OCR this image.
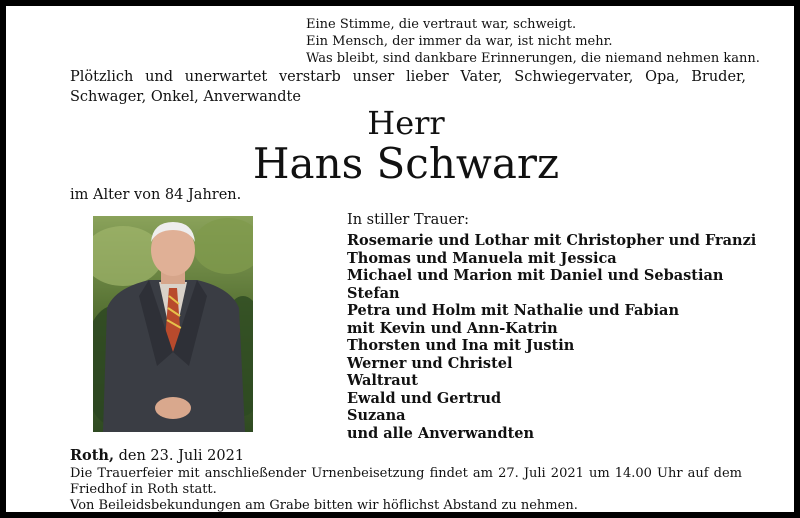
Eine Stimme, die vertraut war, schweigt.
Ein Mensch, der immer da war, ist nicht mehr.
Was bleibt, sind dankbare Erinnerungen, die niemand nehmen kann.
Plötzlich und unerwartet verstarb unser lieber Vater, Schwiegervater, Opa, Bruder, Schwager, Onkel, Anverwandte
Herr
Hans Schwarz
im Alter von 84 Jahren.
In stiller Trauer:
Rosemarie und Lothar mit Christopher und Franzi
Thomas und Manuela mit Jessica
Michael und Marion mit Daniel und Sebastian
Stefan
Petra und Holm mit Nathalie und Fabian
mit Kevin und Ann-Katrin
Thorsten und Ina mit Justin
Werner und Christel
Waltraut
Ewald und Gertrud
Suzana
und alle Anverwandten
Roth, den 23. Juli 2021
Die Trauerfeier mit anschließender Urnenbeisetzung findet am 27. Juli 2021 um 14.00 Uhr auf dem Friedhof in Roth statt.
Von Beileidsbekundungen am Grabe bitten wir höflichst Abstand zu nehmen.
